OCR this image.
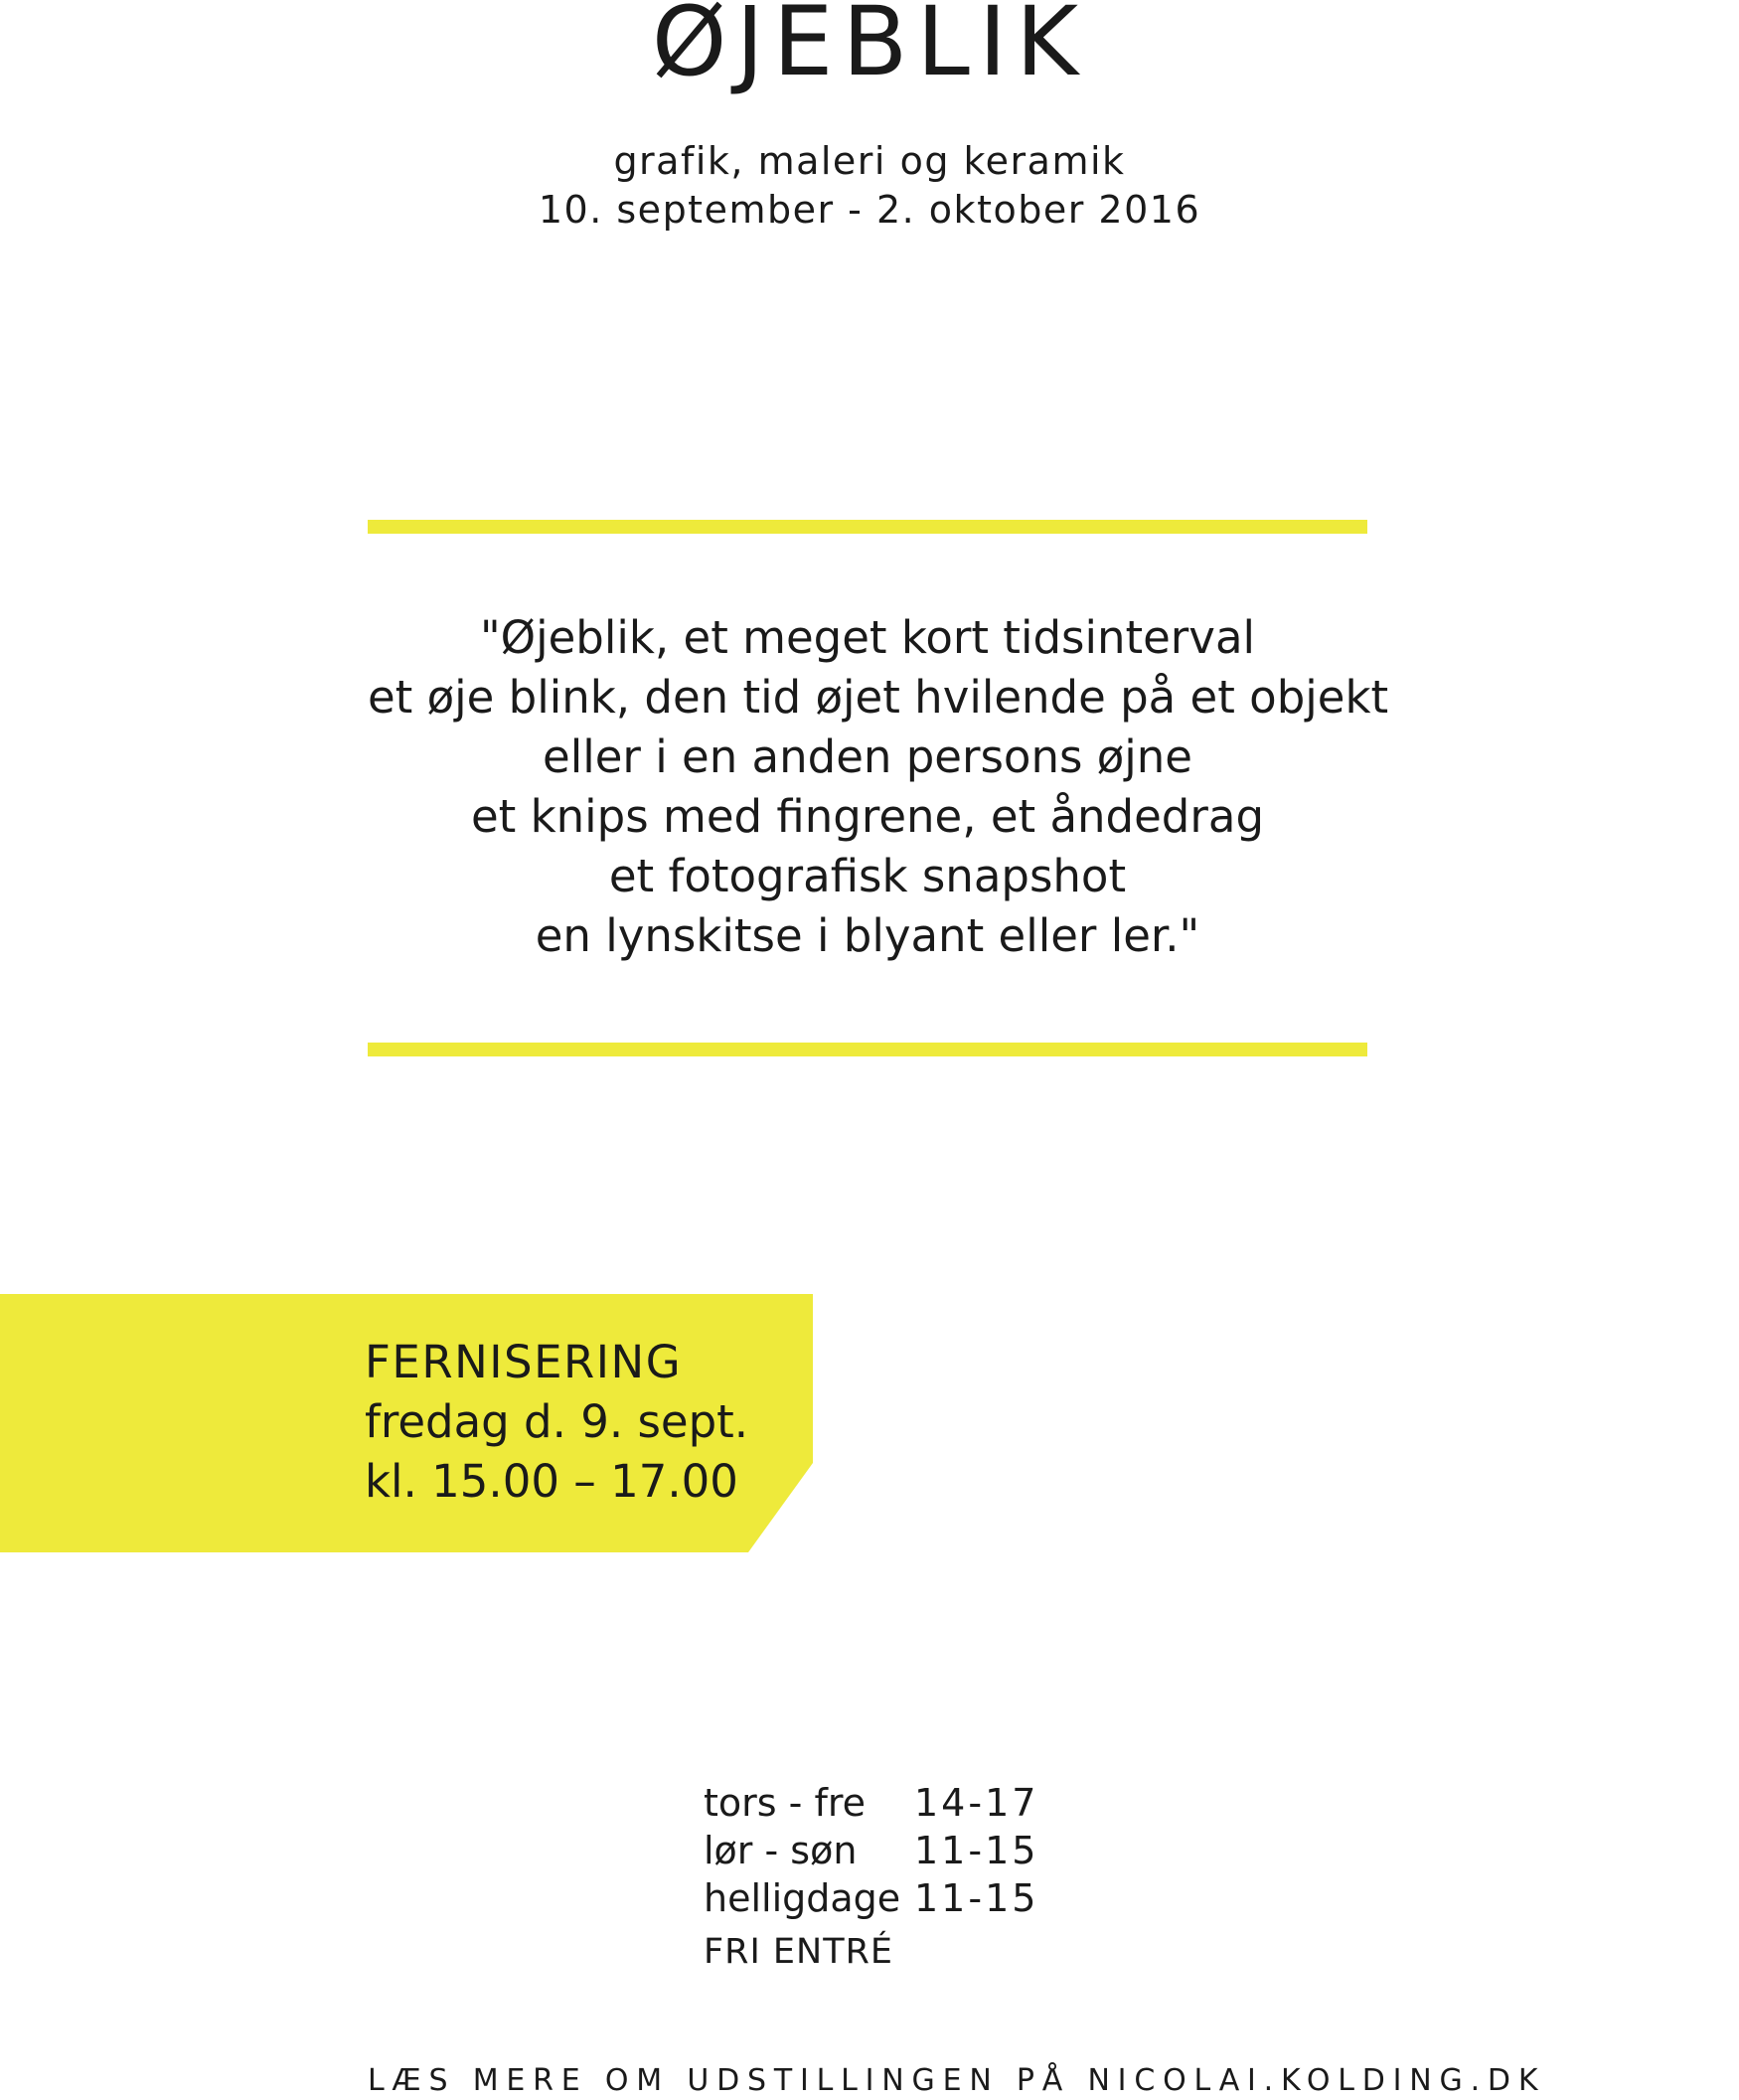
ØJEBLIK
grafik, maleri og keramik
10. september - 2. oktober 2016
"Øjeblik, et meget kort tidsinterval
et øje blink, den tid øjet hvilende på et objekt
eller i en anden persons øjne
et knips med fingrene, et åndedrag
et fotografisk snapshot
en lynskitse i blyant eller ler."
FERNISERING
fredag d. 9. sept.
kl. 15.00 – 17.00
tors - fre	14-17
lør - søn	11-15
helligdage 11-15
FRI ENTRÉ
LÆS MERE OM UDSTILLINGEN PÅ NICOLAI.KOLDING.DK
